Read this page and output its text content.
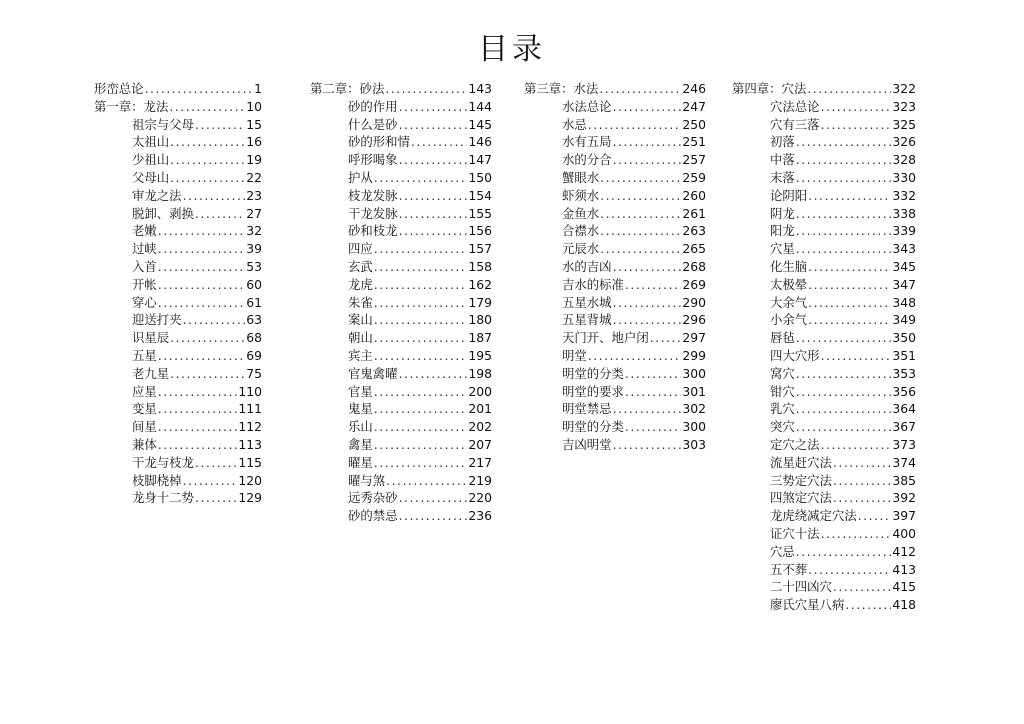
目录
形峦总论 .....	1
第一章：龙法 .....	10
祖宗与父母 .....	15
太祖山 .....	16
少祖山 .....	19
父母山 .....	22
审龙之法 .....	23
脱卸、剥换 .....	27
老嫩 .....	32
过峡 .....	39
入首 .....	53
开帐 .....	60
穿心 .....	61
迎送打夹 .....	63
识星辰 .....	68
五星 .....	69
老九星 .....	75
应星 .....	110
变星 .....	111
间星 .....	112
兼体 .....	113
干龙与枝龙 .....	115
枝脚桡棹 .....	120
龙身十二势 .....	129
第二章：砂法 .....	143
砂的作用 .....	144
什么是砂 .....	145
砂的形和情 .....	146
呼形喝象 .....	147
护从 .....	150
枝龙发脉 .....	154
干龙发脉 .....	155
砂和枝龙 .....	156
四应 .....	157
玄武 .....	158
龙虎 .....	162
朱雀 .....	179
案山 .....	180
朝山 .....	187
宾主 .....	195
官鬼禽曜 .....	198
官星 .....	200
鬼星 .....	201
乐山 .....	202
禽星 .....	207
曜星 .....	217
曜与煞 .....	219
远秀杂砂 .....	220
砂的禁忌 .....	236
第三章：水法 .....	246
水法总论 .....	247
水忌 .....	250
水有五局 .....	251
水的分合 .....	257
蟹眼水 .....	259
虾须水 .....	260
金鱼水 .....	261
合襟水 .....	263
元辰水 .....	265
水的吉凶 .....	268
吉水的标准 .....	269
五星水城 .....	290
五星背城 .....	296
天门开、地户闭 .....	297
明堂 .....	299
明堂的分类 .....	300
明堂的要求 .....	301
明堂禁忌 .....	302
明堂的分类 .....	300
吉凶明堂 .....	303
第四章：穴法 .....	322
穴法总论 .....	323
穴有三落 .....	325
初落 .....	326
中落 .....	328
末落 .....	330
论阴阳 .....	332
阴龙 .....	338
阳龙 .....	339
穴星 .....	343
化生脑 .....	345
太极晕 .....	347
大余气 .....	348
小余气 .....	349
唇毡 .....	350
四大穴形 .....	351
窝穴 .....	353
钳穴 .....	356
乳穴 .....	364
突穴 .....	367
定穴之法 .....	373
流星赶穴法 .....	374
三势定穴法 .....	385
四煞定穴法 .....	392
龙虎绕减定穴法 .....	397
证穴十法 .....	400
穴忌 .....	412
五不葬 .....	413
二十四凶穴 .....	415
廖氏穴星八病 .....	418
